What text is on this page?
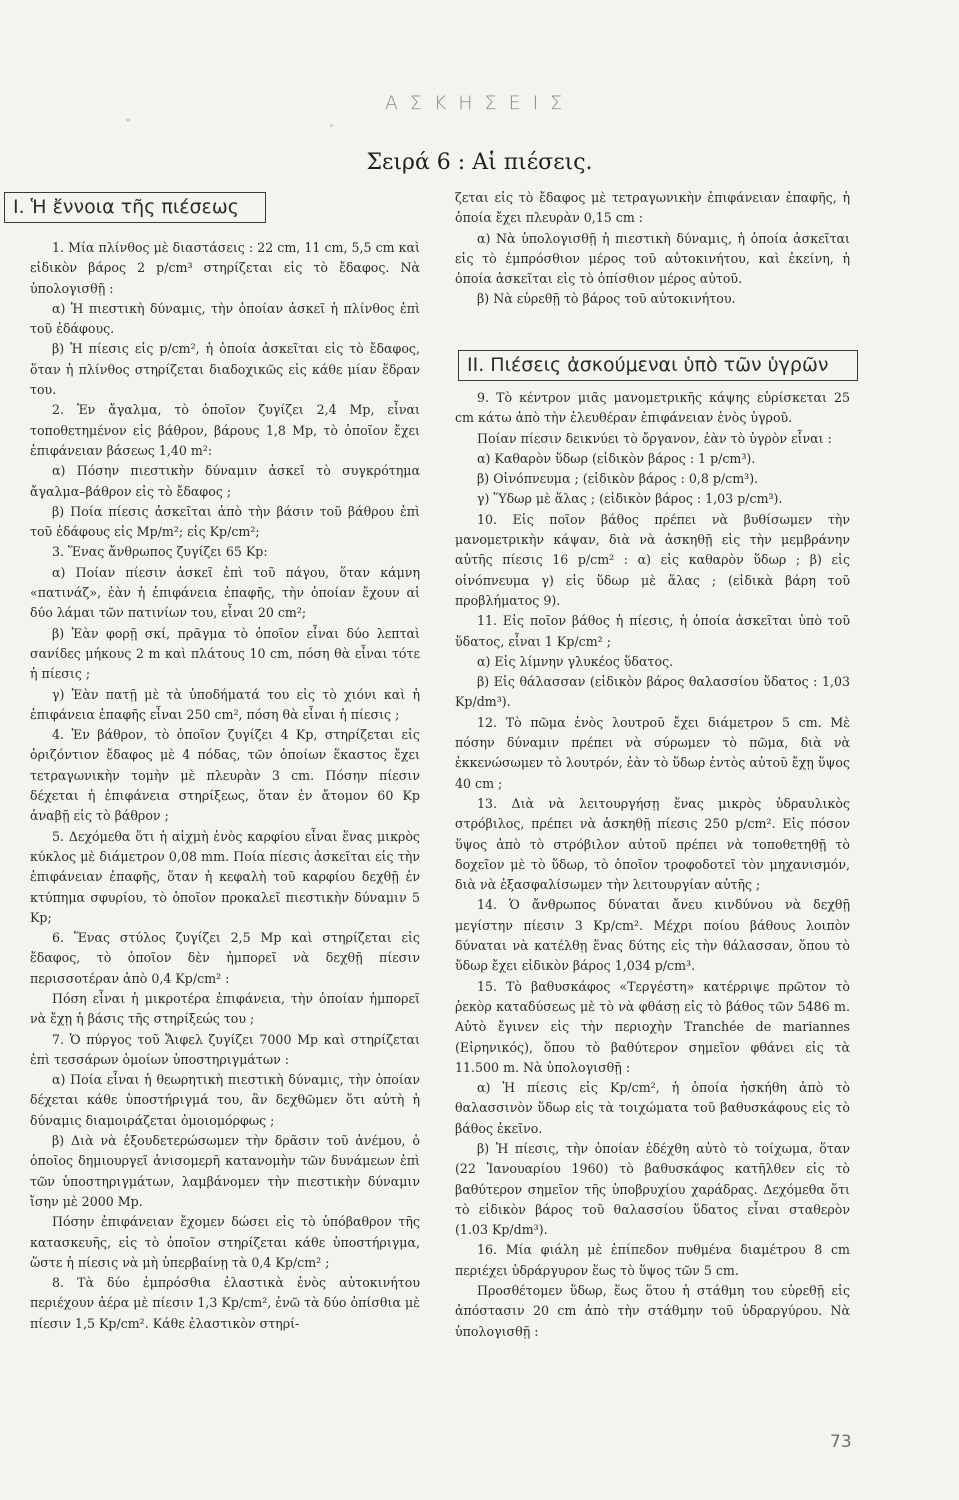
ΑΣΚΗΣΕΙΣ
Σειρά 6 : Αἱ πιέσεις.
I. Ἡ ἔννοια τῆς πιέσεως

1. Μία πλίνθος μὲ διαστάσεις : 22 cm, 11 cm, 5,5 cm καὶ εἰδικὸν βάρος 2 p/cm³ στηρίζεται εἰς τὸ ἔδαφος. Νὰ ὑπολογισθῇ :

α) Ἡ πιεστικὴ δύναμις, τὴν ὁποίαν ἀσκεῖ ἡ πλίνθος ἐπὶ τοῦ ἐδάφους.

β) Ἡ πίεσις εἰς p/cm², ἡ ὁποία ἀσκεῖται εἰς τὸ ἔδαφος, ὅταν ἡ πλίνθος στηρίζεται διαδοχικῶς εἰς κάθε μίαν ἕδραν του.

2. Ἐν ἄγαλμα, τὸ ὁποῖον ζυγίζει 2,4 Mp, εἶναι τοποθετημένον εἰς βάθρον, βάρους 1,8 Mp, τὸ ὁποῖον ἔχει ἐπιφάνειαν βάσεως 1,40 m²:

α) Πόσην πιεστικὴν δύναμιν ἀσκεῖ τὸ συγκρότημα ἄγαλμα–βάθρον εἰς τὸ ἔδαφος ;

β) Ποία πίεσις ἀσκεῖται ἀπὸ τὴν βάσιν τοῦ βάθρου ἐπὶ τοῦ ἐδάφους εἰς Mp/m²; εἰς Kp/cm²;

3. Ἕνας ἄνθρωπος ζυγίζει 65 Kp:

α) Ποίαν πίεσιν ἀσκεῖ ἐπὶ τοῦ πάγου, ὅταν κάμνη «πατινάζ», ἐὰν ἡ ἐπιφάνεια ἐπαφῆς, τὴν ὁποίαν ἔχουν αἱ δύο λάμαι τῶν πατινίων του, εἶναι 20 cm²;

β) Ἐὰν φορῇ σκί, πρᾶγμα τὸ ὁποῖον εἶναι δύο λεπταὶ σανίδες μήκους 2 m καὶ πλάτους 10 cm, πόση θὰ εἶναι τότε ἡ πίεσις ;

γ) Ἐὰν πατῇ μὲ τὰ ὑποδήματά του εἰς τὸ χιόνι καὶ ἡ ἐπιφάνεια ἐπαφῆς εἶναι 250 cm², πόση θὰ εἶναι ἡ πίεσις ;

4. Ἐν βάθρον, τὸ ὁποῖον ζυγίζει 4 Kp, στηρίζεται εἰς ὁριζόντιον ἔδαφος μὲ 4 πόδας, τῶν ὁποίων ἕκαστος ἔχει τετραγωνικὴν τομὴν μὲ πλευρὰν 3 cm. Πόσην πίεσιν δέχεται ἡ ἐπιφάνεια στηρίξεως, ὅταν ἐν ἄτομον 60 Kp ἀναβῇ εἰς τὸ βάθρον ;

5. Δεχόμεθα ὅτι ἡ αἰχμὴ ἑνὸς καρφίου εἶναι ἕνας μικρὸς κύκλος μὲ διάμετρον 0,08 mm. Ποία πίεσις ἀσκεῖται εἰς τὴν ἐπιφάνειαν ἐπαφῆς, ὅταν ἡ κεφαλὴ τοῦ καρφίου δεχθῇ ἐν κτύπημα σφυρίου, τὸ ὁποῖον προκαλεῖ πιεστικὴν δύναμιν 5 Kp;

6. Ἕνας στύλος ζυγίζει 2,5 Mp καὶ στηρίζεται εἰς ἔδαφος, τὸ ὁποῖον δὲν ἠμπορεῖ νὰ δεχθῇ πίεσιν περισσοτέραν ἀπὸ 0,4 Kp/cm² :

Πόση εἶναι ἡ μικροτέρα ἐπιφάνεια, τὴν ὁποίαν ἠμπορεῖ νὰ ἔχῃ ἡ βάσις τῆς στηρίξεώς του ;

7. Ὁ πύργος τοῦ Ἄιφελ ζυγίζει 7000 Mp καὶ στηρίζεται ἐπὶ τεσσάρων ὁμοίων ὑποστηριγμάτων :

α) Ποία εἶναι ἡ θεωρητικὴ πιεστικὴ δύναμις, τὴν ὁποίαν δέχεται κάθε ὑποστήριγμά του, ἂν δεχθῶμεν ὅτι αὐτὴ ἡ δύναμις διαμοιράζεται ὁμοιομόρφως ;

β) Διὰ νὰ ἐξουδετερώσωμεν τὴν δρᾶσιν τοῦ ἀνέμου, ὁ ὁποῖος δημιουργεῖ ἀνισομερῆ κατανομὴν τῶν δυνάμεων ἐπὶ τῶν ὑποστηριγμάτων, λαμβάνομεν τὴν πιεστικὴν δύναμιν ἴσην μὲ 2000 Mp.

Πόσην ἐπιφάνειαν ἔχομεν δώσει εἰς τὸ ὑπόβαθρον τῆς κατασκευῆς, εἰς τὸ ὁποῖον στηρίζεται κάθε ὑποστήριγμα, ὥστε ἡ πίεσις νὰ μὴ ὑπερβαίνῃ τὰ 0,4 Kp/cm² ;

8. Τὰ δύο ἐμπρόσθια ἐλαστικὰ ἑνὸς αὐτοκινήτου περιέχουν ἀέρα μὲ πίεσιν 1,3 Kp/cm², ἐνῶ τὰ δύο ὀπίσθια μὲ πίεσιν 1,5 Kp/cm². Κάθε ἐλαστικὸν στηρί-

ζεται εἰς τὸ ἔδαφος μὲ τετραγωνικὴν ἐπιφάνειαν ἐπαφῆς, ἡ ὁποία ἔχει πλευρὰν 0,15 cm :

α) Νὰ ὑπολογισθῇ ἡ πιεστικὴ δύναμις, ἡ ὁποία ἀσκεῖται εἰς τὸ ἐμπρόσθιον μέρος τοῦ αὐτοκινήτου, καὶ ἐκείνη, ἡ ὁποία ἀσκεῖται εἰς τὸ ὀπίσθιον μέρος αὐτοῦ.

β) Νὰ εὑρεθῇ τὸ βάρος τοῦ αὐτοκινήτου.

II. Πιέσεις ἀσκούμεναι ὑπὸ τῶν ὑγρῶν

9. Τὸ κέντρον μιᾶς μανομετρικῆς κάψης εὑρίσκεται 25 cm κάτω ἀπὸ τὴν ἐλευθέραν ἐπιφάνειαν ἑνὸς ὑγροῦ.

Ποίαν πίεσιν δεικνύει τὸ ὄργανον, ἐὰν τὸ ὑγρὸν εἶναι :

α) Καθαρὸν ὕδωρ (εἰδικὸν βάρος : 1 p/cm³).

β) Οἰνόπνευμα ; (εἰδικὸν βάρος : 0,8 p/cm³).

γ) Ὕδωρ μὲ ἅλας ; (εἰδικὸν βάρος : 1,03 p/cm³).

10. Εἰς ποῖον βάθος πρέπει νὰ βυθίσωμεν τὴν μανομετρικὴν κάψαν, διὰ νὰ ἀσκηθῇ εἰς τὴν μεμβράνην αὐτῆς πίεσις 16 p/cm² : α) εἰς καθαρὸν ὕδωρ ; β) εἰς οἰνόπνευμα γ) εἰς ὕδωρ μὲ ἅλας ; (εἰδικὰ βάρη τοῦ προβλήματος 9).

11. Εἰς ποῖον βάθος ἡ πίεσις, ἡ ὁποία ἀσκεῖται ὑπὸ τοῦ ὕδατος, εἶναι 1 Kp/cm² ;

α) Εἰς λίμνην γλυκέος ὕδατος.

β) Εἰς θάλασσαν (εἰδικὸν βάρος θαλασσίου ὕδατος : 1,03 Kp/dm³).

12. Τὸ πῶμα ἑνὸς λουτροῦ ἔχει διάμετρον 5 cm. Μὲ πόσην δύναμιν πρέπει νὰ σύρωμεν τὸ πῶμα, διὰ νὰ ἐκκενώσωμεν τὸ λουτρόν, ἐὰν τὸ ὕδωρ ἐντὸς αὐτοῦ ἔχῃ ὕψος 40 cm ;

13. Διὰ νὰ λειτουργήσῃ ἕνας μικρὸς ὑδραυλικὸς στρόβιλος, πρέπει νὰ ἀσκηθῇ πίεσις 250 p/cm². Εἰς πόσον ὕψος ἀπὸ τὸ στρόβιλον αὐτοῦ πρέπει νὰ τοποθετηθῇ τὸ δοχεῖον μὲ τὸ ὕδωρ, τὸ ὁποῖον τροφοδοτεῖ τὸν μηχανισμόν, διὰ νὰ ἐξασφαλίσωμεν τὴν λειτουργίαν αὐτῆς ;

14. Ὁ ἄνθρωπος δύναται ἄνευ κινδύνου νὰ δεχθῇ μεγίστην πίεσιν 3 Kp/cm². Μέχρι ποίου βάθους λοιπὸν δύναται νὰ κατέλθῃ ἕνας δύτης εἰς τὴν θάλασσαν, ὅπου τὸ ὕδωρ ἔχει εἰδικὸν βάρος 1,034 p/cm³.

15. Τὸ βαθυσκάφος «Τεργέστη» κατέρριψε πρῶτον τὸ ῥεκὸρ καταδύσεως μὲ τὸ νὰ φθάσῃ εἰς τὸ βάθος τῶν 5486 m. Αὐτὸ ἔγινεν εἰς τὴν περιοχὴν Tranchée de mariannes (Εἰρηνικός), ὅπου τὸ βαθύτερον σημεῖον φθάνει εἰς τὰ 11.500 m. Νὰ ὑπολογισθῇ :

α) Ἡ πίεσις εἰς Kp/cm², ἡ ὁποία ἠσκήθη ἀπὸ τὸ θαλασσινὸν ὕδωρ εἰς τὰ τοιχώματα τοῦ βαθυσκάφους εἰς τὸ βάθος ἐκεῖνο.

β) Ἡ πίεσις, τὴν ὁποίαν ἐδέχθη αὐτὸ τὸ τοίχωμα, ὅταν (22 Ἰανουαρίου 1960) τὸ βαθυσκάφος κατῆλθεν εἰς τὸ βαθύτερον σημεῖον τῆς ὑποβρυχίου χαράδρας. Δεχόμεθα ὅτι τὸ εἰδικὸν βάρος τοῦ θαλασσίου ὕδατος εἶναι σταθερὸν (1.03 Kp/dm³).

16. Μία φιάλη μὲ ἐπίπεδον πυθμένα διαμέτρου 8 cm περιέχει ὑδράργυρον ἕως τὸ ὕψος τῶν 5 cm.

Προσθέτομεν ὕδωρ, ἕως ὅτου ἡ στάθμη του εὑρεθῇ εἰς ἀπόστασιν 20 cm ἀπὸ τὴν στάθμην τοῦ ὑδραργύρου. Νὰ ὑπολογισθῇ :

73
